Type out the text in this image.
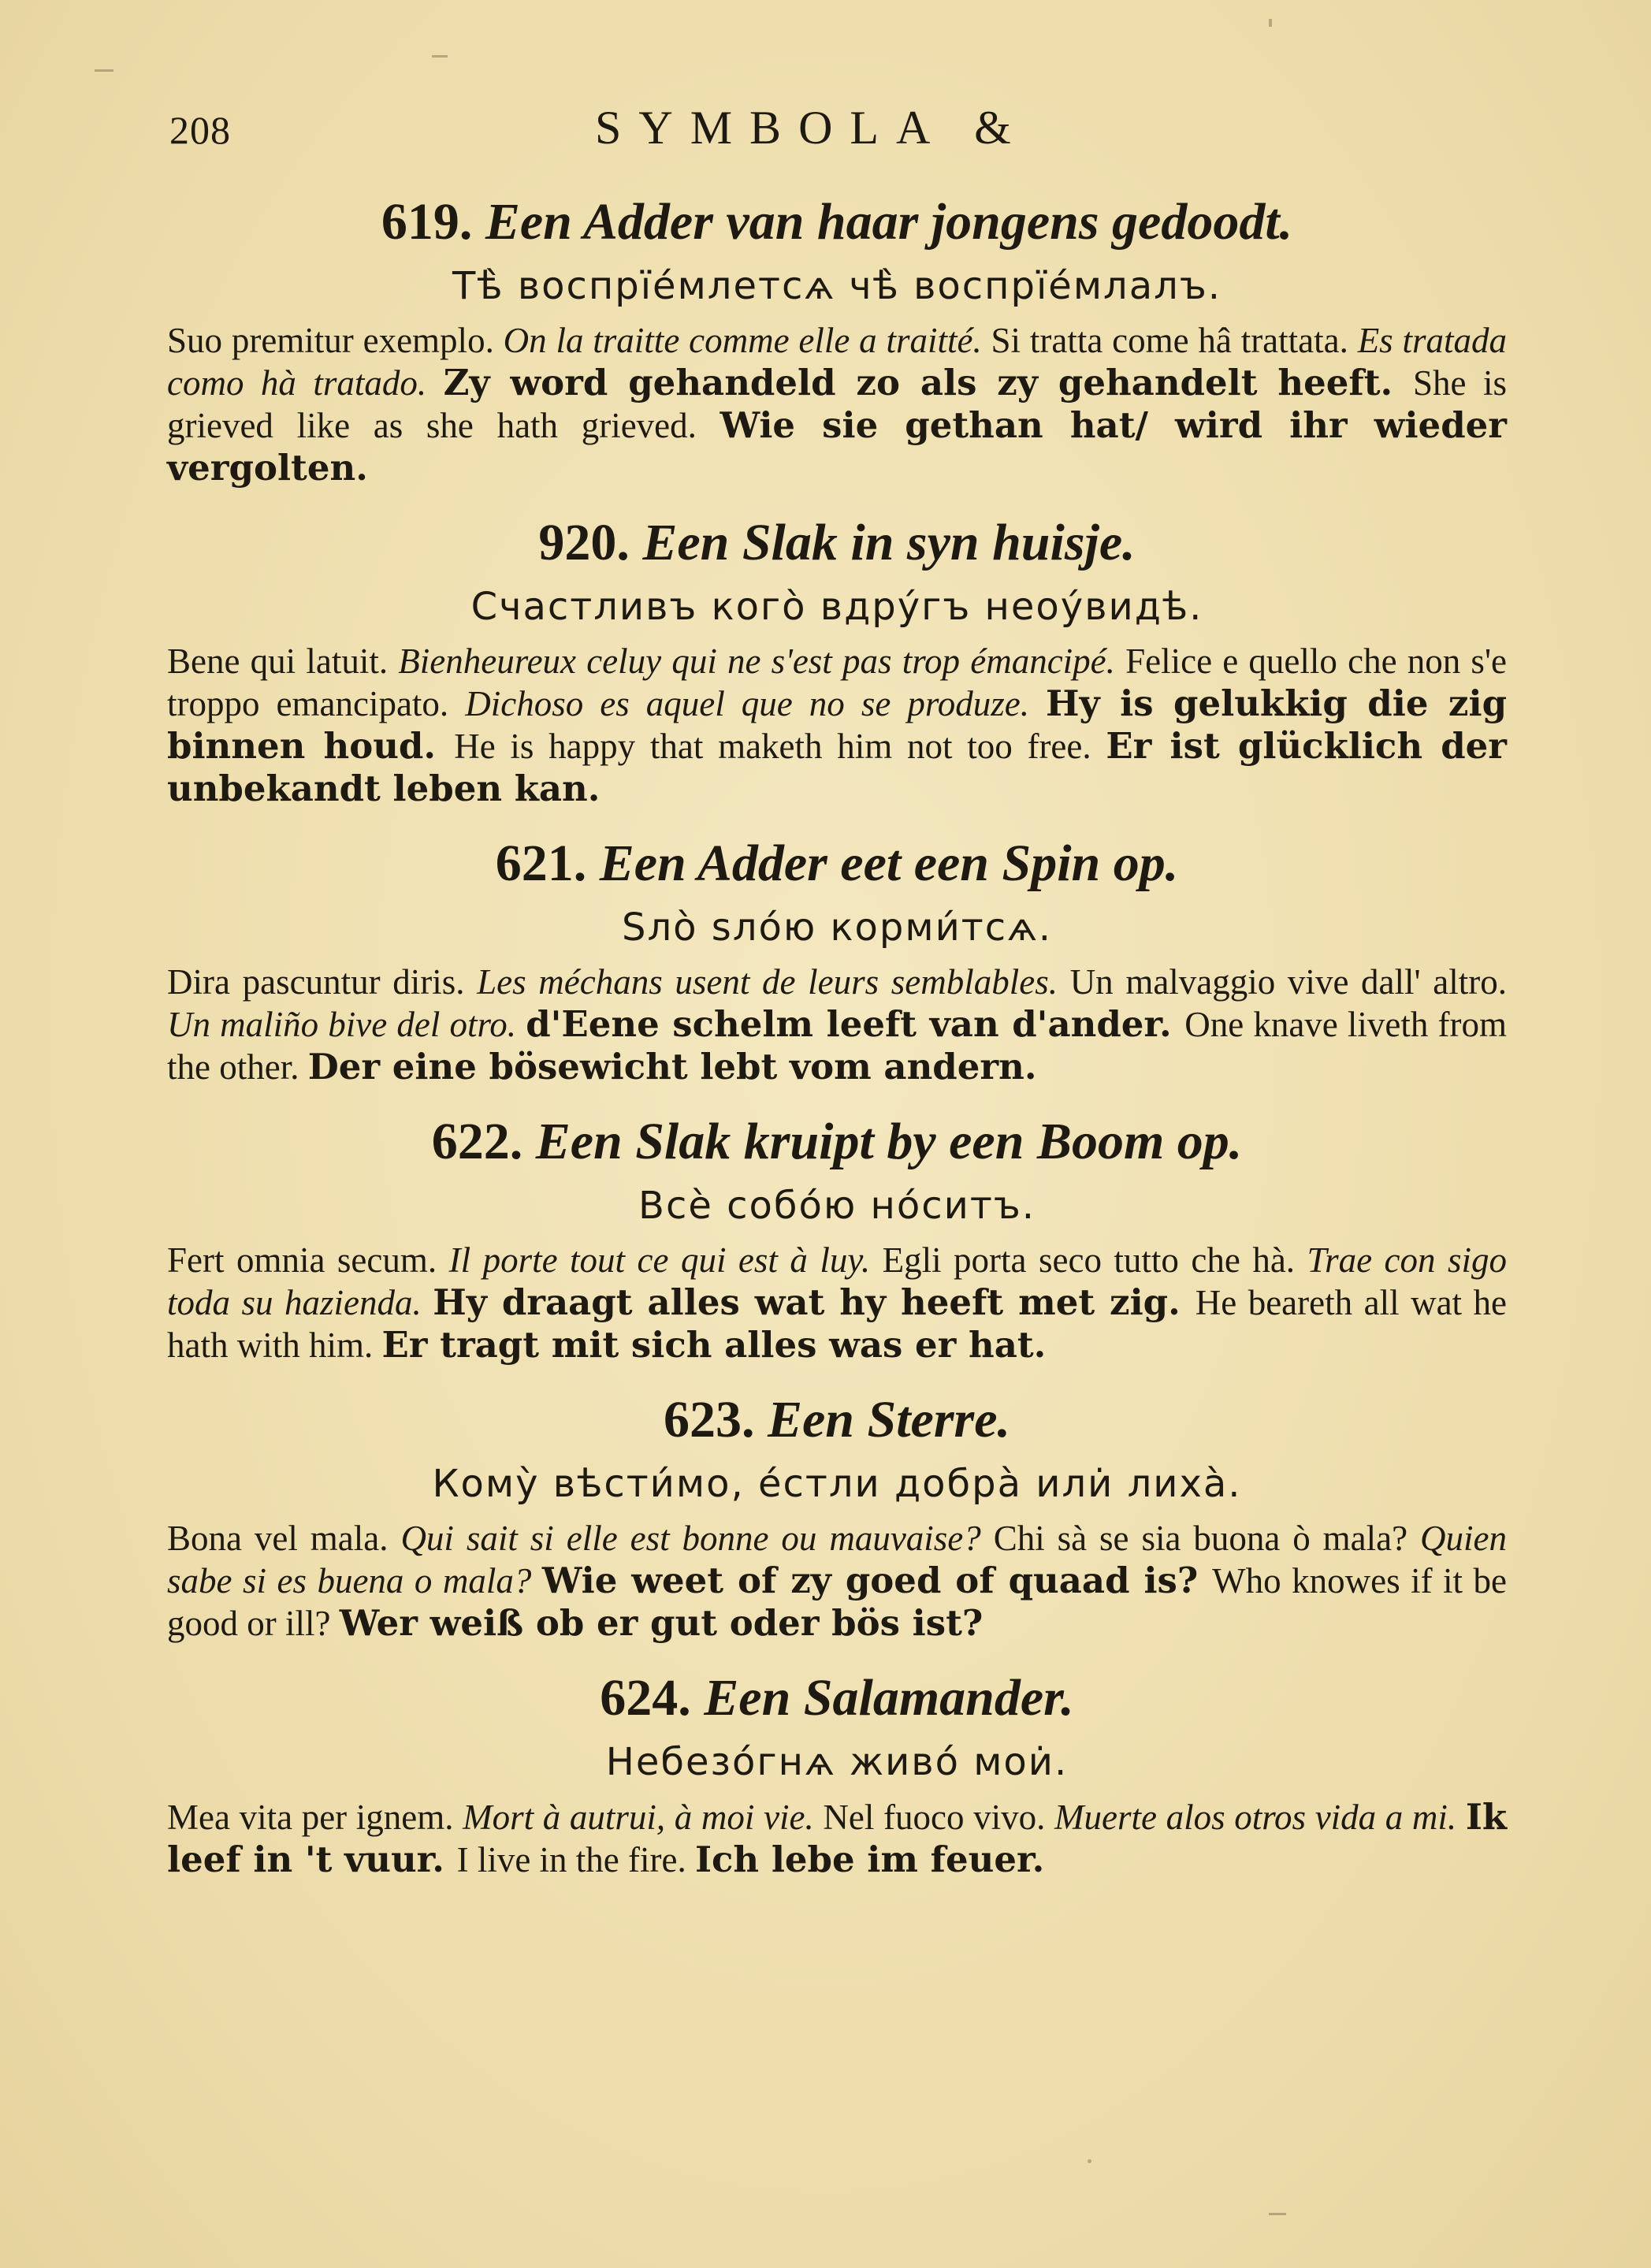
208	SYMBOLA &
619. Een Adder van haar jongens gedoodt.

Тѣ̀ воспрїе́млетсѧ чѣ̀ воспрїе́млалъ.

Suo premitur exemplo. On la traitte comme elle a traitté. Si tratta come hâ trattata. Es tratada como hà tratado. Zy word gehandeld zo als zy gehandelt heeft. She is grieved like as she hath grieved. Wie sie gethan hat/ wird ihr wieder vergolten.

920. Een Slak in syn huisje.

Счастливъ кого̀ вдру́гъ неоу́видѣ.

Bene qui latuit. Bienheureux celuy qui ne s'est pas trop émancipé. Felice e quello che non s'e troppo emancipato. Dichoso es aquel que no se produze. Hy is gelukkig die zig binnen houd. He is happy that maketh him not too free. Er ist glücklich der unbekandt leben kan.

621. Een Adder eet een Spin op.

Ѕло̀ ѕло́ю корми́тсѧ.

Dira pascuntur diris. Les méchans usent de leurs semblables. Un malvaggio vive dall' altro.Un maliño bive del otro. d'Eene schelm leeft van d'ander. One knave liveth from the other. Der eine bösewicht lebt vom andern.

622. Een Slak kruipt by een Boom op.

Всѐ собо́ю но́ситъ.

Fert omnia secum. Il porte tout ce qui est à luy. Egli porta seco tutto che hà. Trae con sigo toda su hazienda. Hy draagt alles wat hy heeft met zig. He beareth all wat he hath with him. Er tragt mit sich alles was er hat.

623. Een Sterre.

Кому̀ вѣсти́мо, е́стли добра̀ или̇ лиха̀.

Bona vel mala. Qui sait si elle est bonne ou mauvaise? Chi sà se sia buona ò mala? Quien sabe si es buena o mala? Wie weet of zy goed of quaad is? Who knowes if it be good or ill? Wer weiß ob er gut oder bös ist?

624. Een Salamander.

Небезо́гнѧ живо́ мои̇.

Mea vita per ignem. Mort à autrui, à moi vie. Nel fuoco vivo. Muerte alos otros vida a mi. Ik leef in 't vuur. I live in the fire. Ich lebe im feuer.
